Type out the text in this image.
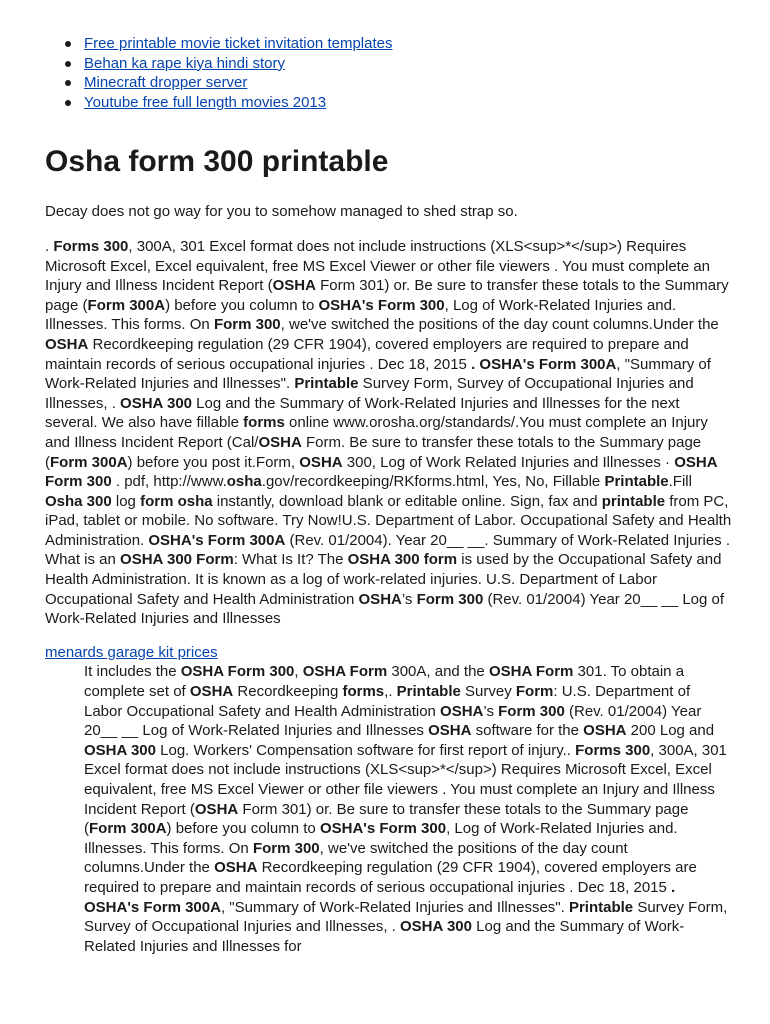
Free printable movie ticket invitation templates
Behan ka rape kiya hindi story
Minecraft dropper server
Youtube free full length movies 2013
Osha form 300 printable

Decay does not go way for you to somehow managed to shed strap so.

. Forms 300, 300A, 301 Excel format does not include instructions (XLS<sup>*</sup>) Requires Microsoft Excel, Excel equivalent, free MS Excel Viewer or other file viewers . You must complete an Injury and Illness Incident Report (OSHA Form 301) or. Be sure to transfer these totals to the Summary page (Form 300A) before you column to OSHA's Form 300, Log of Work-Related Injuries and. Illnesses. This forms. On Form 300, we've switched the positions of the day count columns.Under the OSHA Recordkeeping regulation (29 CFR 1904), covered employers are required to prepare and maintain records of serious occupational injuries . Dec 18, 2015 . OSHA's Form 300A, "Summary of Work-Related Injuries and Illnesses". Printable Survey Form, Survey of Occupational Injuries and Illnesses, . OSHA 300 Log and the Summary of Work-Related Injuries and Illnesses for the next several. We also have fillable forms online www.orosha.org/standards/.You must complete an Injury and Illness Incident Report (Cal/OSHA Form. Be sure to transfer these totals to the Summary page (Form 300A) before you post it.Form, OSHA 300, Log of Work Related Injuries and Illnesses · OSHA Form 300 . pdf, http://www.osha.gov/recordkeeping/RKforms.html, Yes, No, Fillable Printable.Fill Osha 300 log form osha instantly, download blank or editable online. Sign, fax and printable from PC, iPad, tablet or mobile. No software. Try Now!U.S. Department of Labor. Occupational Safety and Health Administration. OSHA's Form 300A (Rev. 01/2004). Year 20__ __. Summary of Work-Related Injuries .
What is an OSHA 300 Form: What Is It? The OSHA 300 form is used by the Occupational Safety and Health Administration. It is known as a log of work-related injuries. U.S. Department of Labor Occupational Safety and Health Administration OSHA’s Form 300 (Rev. 01/2004) Year 20__ __ Log of Work-Related Injuries and Illnesses
menards garage kit prices
It includes the OSHA Form 300, OSHA Form 300A, and the OSHA Form 301. To obtain a complete set of OSHA Recordkeeping forms,. Printable Survey Form: U.S. Department of Labor Occupational Safety and Health Administration OSHA’s Form 300 (Rev. 01/2004) Year 20__ __ Log of Work-Related Injuries and Illnesses OSHA software for the OSHA 200 Log and OSHA 300 Log. Workers' Compensation software for first report of injury.. Forms 300, 300A, 301 Excel format does not include instructions (XLS<sup>*</sup>) Requires Microsoft Excel, Excel equivalent, free MS Excel Viewer or other file viewers . You must complete an Injury and Illness Incident Report (OSHA Form 301) or. Be sure to transfer these totals to the Summary page (Form 300A) before you column to OSHA's Form 300, Log of Work-Related Injuries and. Illnesses. This forms. On Form 300, we've switched the positions of the day count columns.Under the OSHA Recordkeeping regulation (29 CFR 1904), covered employers are required to prepare and maintain records of serious occupational injuries . Dec 18, 2015 . OSHA's Form 300A, "Summary of Work-Related Injuries and Illnesses". Printable Survey Form, Survey of Occupational Injuries and Illnesses, . OSHA 300 Log and the Summary of Work-Related Injuries and Illnesses for
